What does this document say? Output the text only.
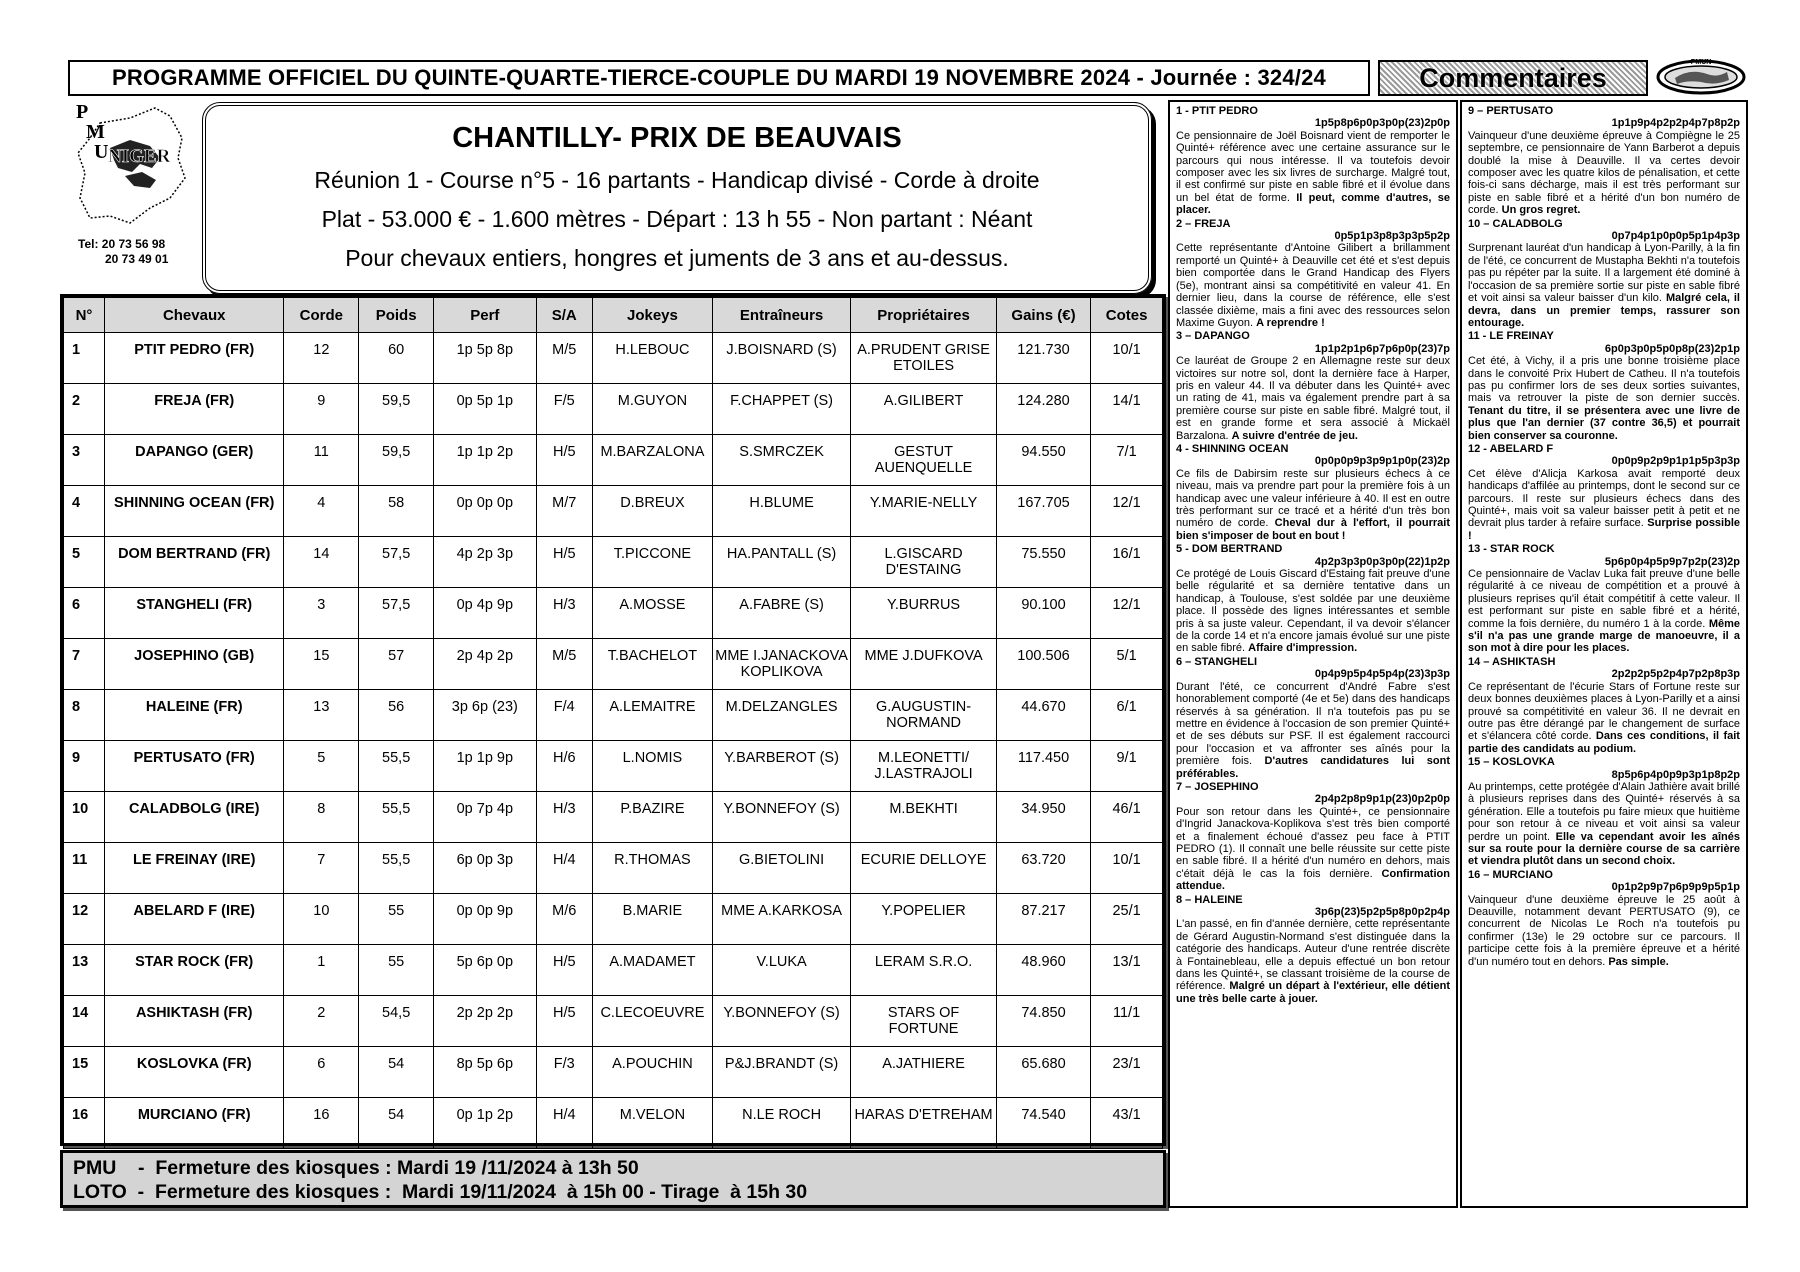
PROGRAMME OFFICIEL DU QUINTE-QUARTE-TIERCE-COUPLE DU MARDI 19 NOVEMBRE 2024 - Journée : 324/24	Commentaires	PMUN
P
M
U NIGER
Tel: 20 73 56 98
20 73 49 01
CHANTILLY- PRIX DE BEAUVAIS
Réunion 1 - Course n°5 - 16 partants - Handicap divisé - Corde à droite
Plat - 53.000 € - 1.600 mètres - Départ : 13 h 55 - Non partant : Néant
Pour chevaux entiers, hongres et juments de 3 ans et au-dessus.
N°	Chevaux	Corde	Poids	Perf	S/A	Jokeys	Entraîneurs	Propriétaires	Gains (€)	Cotes
1	PTIT PEDRO (FR)	12	60	1p 5p 8p	M/5	H.LEBOUC	J.BOISNARD (S)	A.PRUDENT GRISE ETOILES	121.730	10/1
2	FREJA (FR)	9	59,5	0p 5p 1p	F/5	M.GUYON	F.CHAPPET (S)	A.GILIBERT	124.280	14/1
3	DAPANGO (GER)	11	59,5	1p 1p 2p	H/5	M.BARZALONA	S.SMRCZEK	GESTUT AUENQUELLE	94.550	7/1
4	SHINNING OCEAN (FR)	4	58	0p 0p 0p	M/7	D.BREUX	H.BLUME	Y.MARIE-NELLY	167.705	12/1
5	DOM BERTRAND (FR)	14	57,5	4p 2p 3p	H/5	T.PICCONE	HA.PANTALL (S)	L.GISCARD D'ESTAING	75.550	16/1
6	STANGHELI (FR)	3	57,5	0p 4p 9p	H/3	A.MOSSE	A.FABRE (S)	Y.BURRUS	90.100	12/1
7	JOSEPHINO (GB)	15	57	2p 4p 2p	M/5	T.BACHELOT	MME I.JANACKOVA KOPLIKOVA	MME J.DUFKOVA	100.506	5/1
8	HALEINE (FR)	13	56	3p 6p (23)	F/4	A.LEMAITRE	M.DELZANGLES	G.AUGUSTIN-NORMAND	44.670	6/1
9	PERTUSATO (FR)	5	55,5	1p 1p 9p	H/6	L.NOMIS	Y.BARBEROT (S)	M.LEONETTI/ J.LASTRAJOLI	117.450	9/1
10	CALADBOLG (IRE)	8	55,5	0p 7p 4p	H/3	P.BAZIRE	Y.BONNEFOY (S)	M.BEKHTI	34.950	46/1
11	LE FREINAY (IRE)	7	55,5	6p 0p 3p	H/4	R.THOMAS	G.BIETOLINI	ECURIE DELLOYE	63.720	10/1
12	ABELARD F (IRE)	10	55	0p 0p 9p	M/6	B.MARIE	MME A.KARKOSA	Y.POPELIER	87.217	25/1
13	STAR ROCK (FR)	1	55	5p 6p 0p	H/5	A.MADAMET	V.LUKA	LERAM S.R.O.	48.960	13/1
14	ASHIKTASH (FR)	2	54,5	2p 2p 2p	H/5	C.LECOEUVRE	Y.BONNEFOY (S)	STARS OF FORTUNE	74.850	11/1
15	KOSLOVKA (FR)	6	54	8p 5p 6p	F/3	A.POUCHIN	P&J.BRANDT (S)	A.JATHIERE	65.680	23/1
16	MURCIANO (FR)	16	54	0p 1p 2p	H/4	M.VELON	N.LE ROCH	HARAS D'ETREHAM	74.540	43/1
PMU    -  Fermeture des kiosques : Mardi 19 /11/2024 à 13h 50
LOTO  -  Fermeture des kiosques :  Mardi 19/11/2024  à 15h 00 - Tirage  à 15h 30
1 - PTIT PEDRO
1p5p8p6p0p3p0p(23)2p0p
Ce pensionnaire de Joël Boisnard vient de remporter le Quinté+ référence avec une certaine assurance sur le parcours qui nous intéresse. Il va toutefois devoir composer avec les six livres de surcharge. Malgré tout, il est confirmé sur piste en sable fibré et il évolue dans un bel état de forme. Il peut, comme d'autres, se placer.
2 – FREJA
0p5p1p3p8p3p3p5p2p
Cette représentante d'Antoine Gilibert a brillamment remporté un Quinté+ à Deauville cet été et s'est depuis bien comportée dans le Grand Handicap des Flyers (5e), montrant ainsi sa compétitivité en valeur 41. En dernier lieu, dans la course de référence, elle s'est classée dixième, mais a fini avec des ressources selon Maxime Guyon. A reprendre !
3 – DAPANGO
1p1p2p1p6p7p6p0p(23)7p
Ce lauréat de Groupe 2 en Allemagne reste sur deux victoires sur notre sol, dont la dernière face à Harper, pris en valeur 44. Il va débuter dans les Quinté+ avec un rating de 41, mais va également prendre part à sa première course sur piste en sable fibré. Malgré tout, il est en grande forme et sera associé à Mickaël Barzalona. A suivre d'entrée de jeu.
4 - SHINNING OCEAN
0p0p0p9p3p9p1p0p(23)2p
Ce fils de Dabirsim reste sur plusieurs échecs à ce niveau, mais va prendre part pour la première fois à un handicap avec une valeur inférieure à 40. Il est en outre très performant sur ce tracé et a hérité d'un très bon numéro de corde. Cheval dur à l'effort, il pourrait bien s'imposer de bout en bout !
5 - DOM BERTRAND
4p2p3p3p0p3p0p(22)1p2p
Ce protégé de Louis Giscard d'Estaing fait preuve d'une belle régularité et sa dernière tentative dans un handicap, à Toulouse, s'est soldée par une deuxième place. Il possède des lignes intéressantes et semble pris à sa juste valeur. Cependant, il va devoir s'élancer de la corde 14 et n'a encore jamais évolué sur une piste en sable fibré. Affaire d'impression.
6 – STANGHELI
0p4p9p5p4p5p4p(23)3p3p
Durant l'été, ce concurrent d'André Fabre s'est honorablement comporté (4e et 5e) dans des handicaps réservés à sa génération. Il n'a toutefois pas pu se mettre en évidence à l'occasion de son premier Quinté+ et de ses débuts sur PSF. Il est également raccourci pour l'occasion et va affronter ses aînés pour la première fois. D'autres candidatures lui sont préférables.
7 – JOSEPHINO
2p4p2p8p9p1p(23)0p2p0p
Pour son retour dans les Quinté+, ce pensionnaire d'Ingrid Janackova-Koplikova s'est très bien comporté et a finalement échoué d'assez peu face à PTIT PEDRO (1). Il connaît une belle réussite sur cette piste en sable fibré. Il a hérité d'un numéro en dehors, mais c'était déjà le cas la fois dernière. Confirmation attendue.
8 – HALEINE
3p6p(23)5p2p5p8p0p2p4p
L'an passé, en fin d'année dernière, cette représentante de Gérard Augustin-Normand s'est distinguée dans la catégorie des handicaps. Auteur d'une rentrée discrète à Fontainebleau, elle a depuis effectué un bon retour dans les Quinté+, se classant troisième de la course de référence. Malgré un départ à l'extérieur, elle détient une très belle carte à jouer.
9 – PERTUSATO
1p1p9p4p2p2p4p7p8p2p
Vainqueur d'une deuxième épreuve à Compiègne le 25 septembre, ce pensionnaire de Yann Barberot a depuis doublé la mise à Deauville. Il va certes devoir composer avec les quatre kilos de pénalisation, et cette fois-ci sans décharge, mais il est très performant sur piste en sable fibré et a hérité d'un bon numéro de corde. Un gros regret.
10 – CALADBOLG
0p7p4p1p0p0p5p1p4p3p
Surprenant lauréat d'un handicap à Lyon-Parilly, à la fin de l'été, ce concurrent de Mustapha Bekhti n'a toutefois pas pu répéter par la suite. Il a largement été dominé à l'occasion de sa première sortie sur piste en sable fibré et voit ainsi sa valeur baisser d'un kilo. Malgré cela, il devra, dans un premier temps, rassurer son entourage.
11 - LE FREINAY
6p0p3p0p5p0p8p(23)2p1p
Cet été, à Vichy, il a pris une bonne troisième place dans le convoité Prix Hubert de Catheu. Il n'a toutefois pas pu confirmer lors de ses deux sorties suivantes, mais va retrouver la piste de son dernier succès. Tenant du titre, il se présentera avec une livre de plus que l'an dernier (37 contre 36,5) et pourrait bien conserver sa couronne.
12 - ABELARD F
0p0p9p2p9p1p1p5p3p3p
Cet élève d'Alicja Karkosa avait remporté deux handicaps d'affilée au printemps, dont le second sur ce parcours. Il reste sur plusieurs échecs dans des Quinté+, mais voit sa valeur baisser petit à petit et ne devrait plus tarder à refaire surface. Surprise possible !
13 - STAR ROCK
5p6p0p4p5p9p7p2p(23)2p
Ce pensionnaire de Vaclav Luka fait preuve d'une belle régularité à ce niveau de compétition et a prouvé à plusieurs reprises qu'il était compétitif à cette valeur. Il est performant sur piste en sable fibré et a hérité, comme la fois dernière, du numéro 1 à la corde. Même s'il n'a pas une grande marge de manoeuvre, il a son mot à dire pour les places.
14 – ASHIKTASH
2p2p2p5p2p4p7p2p8p3p
Ce représentant de l'écurie Stars of Fortune reste sur deux bonnes deuxièmes places à Lyon-Parilly et a ainsi prouvé sa compétitivité en valeur 36. Il ne devrait en outre pas être dérangé par le changement de surface et s'élancera côté corde. Dans ces conditions, il fait partie des candidats au podium.
15 – KOSLOVKA
8p5p6p4p0p9p3p1p8p2p
Au printemps, cette protégée d'Alain Jathière avait brillé à plusieurs reprises dans des Quinté+ réservés à sa génération. Elle a toutefois pu faire mieux que huitième pour son retour à ce niveau et voit ainsi sa valeur perdre un point. Elle va cependant avoir les aînés sur sa route pour la dernière course de sa carrière et viendra plutôt dans un second choix.
16 – MURCIANO
0p1p2p9p7p6p9p9p5p1p
Vainqueur d'une deuxième épreuve le 25 août à Deauville, notamment devant PERTUSATO (9), ce concurrent de Nicolas Le Roch n'a toutefois pu confirmer (13e) le 29 octobre sur ce parcours. Il participe cette fois à la première épreuve et a hérité d'un numéro tout en dehors. Pas simple.
